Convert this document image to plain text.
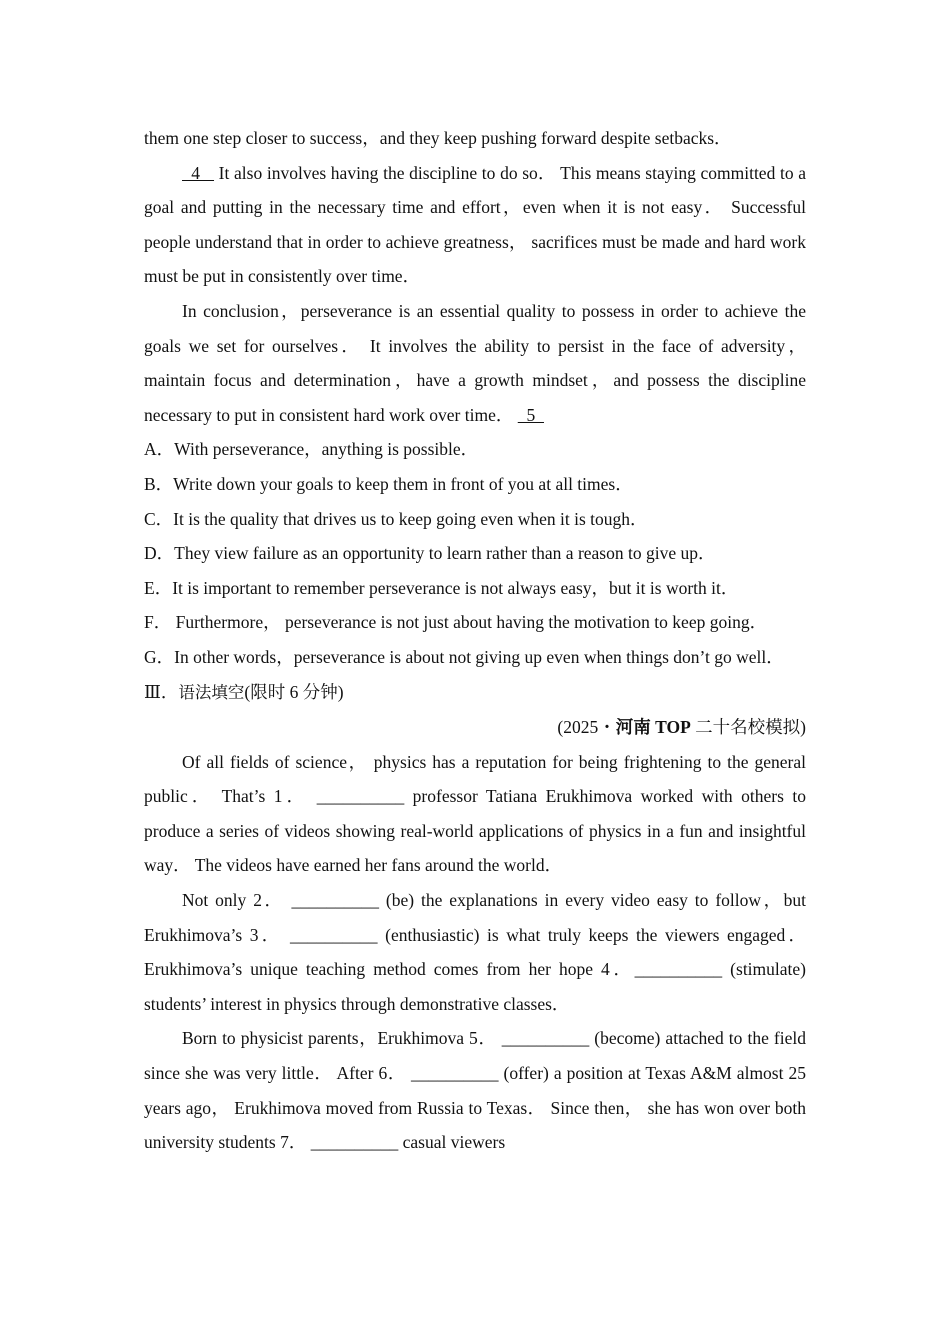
them one step closer to success，and they keep pushing forward despite setbacks．

4    It also involves having the discipline to do so． This means staying committed to a goal and putting in the necessary time and effort，even when it is not easy． Successful people understand that in order to achieve greatness， sacrifices must be made and hard work must be put in consistently over time．

In conclusion，perseverance is an essential quality to possess in order to achieve the goals we set for ourselves． It involves the ability to persist in the face of adversity，maintain focus and determination，have a growth mindset，and possess the discipline necessary to put in consistent hard work over time．   5

A．With perseverance，anything is possible．

B．Write down your goals to keep them in front of you at all times．

C．It is the quality that drives us to keep going even when it is tough．

D．They view failure as an opportunity to learn rather than a reason to give up．

E．It is important to remember perseverance is not always easy，but it is worth it．

F． Furthermore， perseverance is not just about having the motivation to keep going．

G．In other words，perseverance is about not giving up even when things don’t go well．

Ⅲ．语法填空(限时 6 分钟)

(2025・河南 TOP 二十名校模拟)

Of all fields of science， physics has a reputation for being frightening to the general public． That’s 1． __________ professor Tatiana Erukhimova worked with others to produce a series of videos showing real-world applications of physics in a fun and insightful way． The videos have earned her fans around the world．

Not only 2． __________ (be) the explanations in every video easy to follow，but Erukhimova’s 3． __________ (enthusiastic) is what truly keeps the viewers engaged． Erukhimova’s unique teaching method comes from her hope 4．__________ (stimulate) students’ interest in physics through demonstrative classes．

Born to physicist parents，Erukhimova 5． __________ (become) attached to the field since she was very little． After 6． __________ (offer) a position at Texas A&M almost 25 years ago， Erukhimova moved from Russia to Texas． Since then， she has won over both university students 7． __________ casual viewers
